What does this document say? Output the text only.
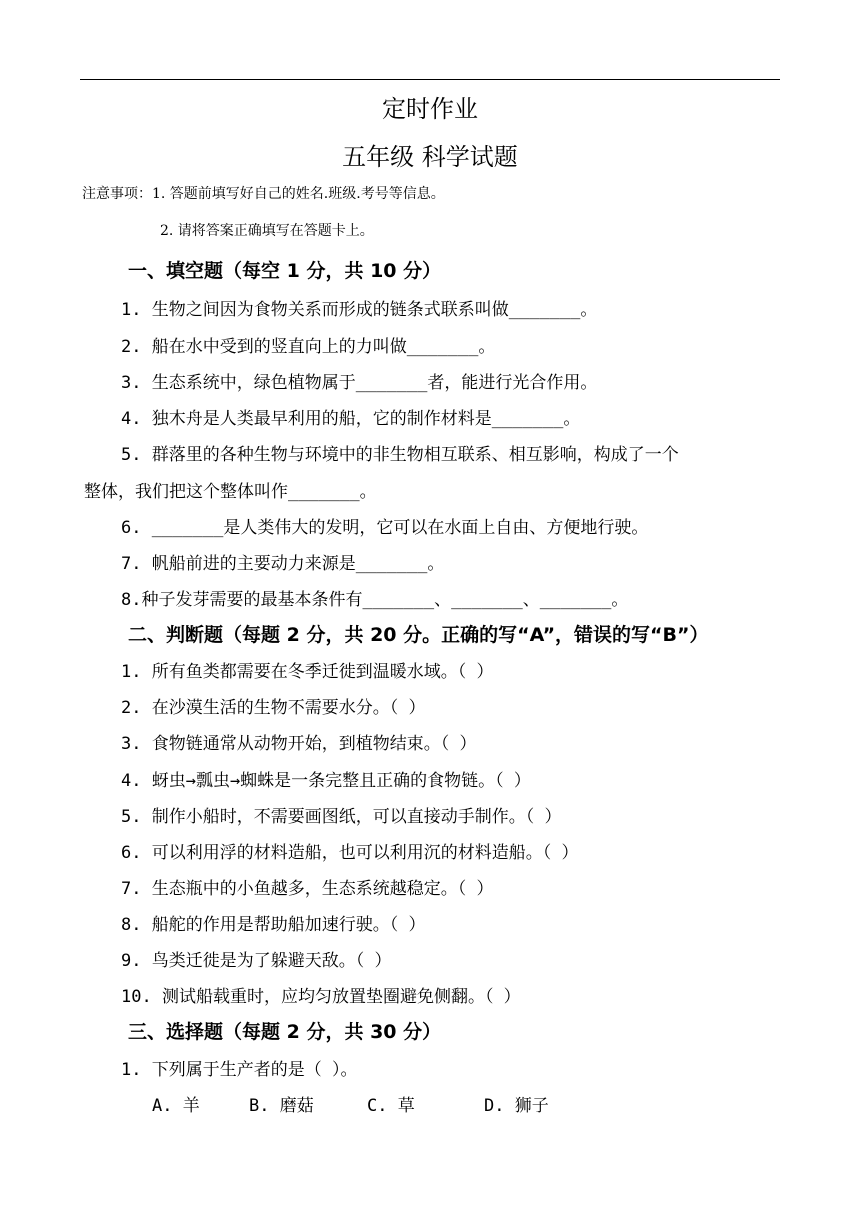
定时作业
五年级 科学试题
注意事项：1. 答题前填写好自己的姓名.班级.考号等信息。
2. 请将答案正确填写在答题卡上。
一、填空题（每空 1 分，共 10 分）
1. 生物之间因为食物关系而形成的链条式联系叫做_______。
2. 船在水中受到的竖直向上的力叫做_______。
3. 生态系统中，绿色植物属于_______者，能进行光合作用。
4. 独木舟是人类最早利用的船，它的制作材料是_______。
5. 群落里的各种生物与环境中的非生物相互联系、相互影响，构成了一个
整体，我们把这个整体叫作_______。
6. _______是人类伟大的发明，它可以在水面上自由、方便地行驶。
7. 帆船前进的主要动力来源是_______。
8.种子发芽需要的最基本条件有_______、_______、_______。
二、判断题（每题 2 分，共 20 分。正确的写“A”，错误的写“B”）
1. 所有鱼类都需要在冬季迁徙到温暖水域。（ ）
2. 在沙漠生活的生物不需要水分。（ ）
3. 食物链通常从动物开始，到植物结束。（ ）
4. 蚜虫→瓢虫→蜘蛛是一条完整且正确的食物链。（ ）
5. 制作小船时，不需要画图纸，可以直接动手制作。（ ）
6. 可以利用浮的材料造船，也可以利用沉的材料造船。（ ）
7. 生态瓶中的小鱼越多，生态系统越稳定。（ ）
8. 船舵的作用是帮助船加速行驶。（ ）
9. 鸟类迁徙是为了躲避天敌。（ ）
10. 测试船载重时，应均匀放置垫圈避免侧翻。（ ）
三、选择题（每题 2 分，共 30 分）
1. 下列属于生产者的是（ ）。
A. 羊	B. 磨菇	C. 草	D. 狮子
